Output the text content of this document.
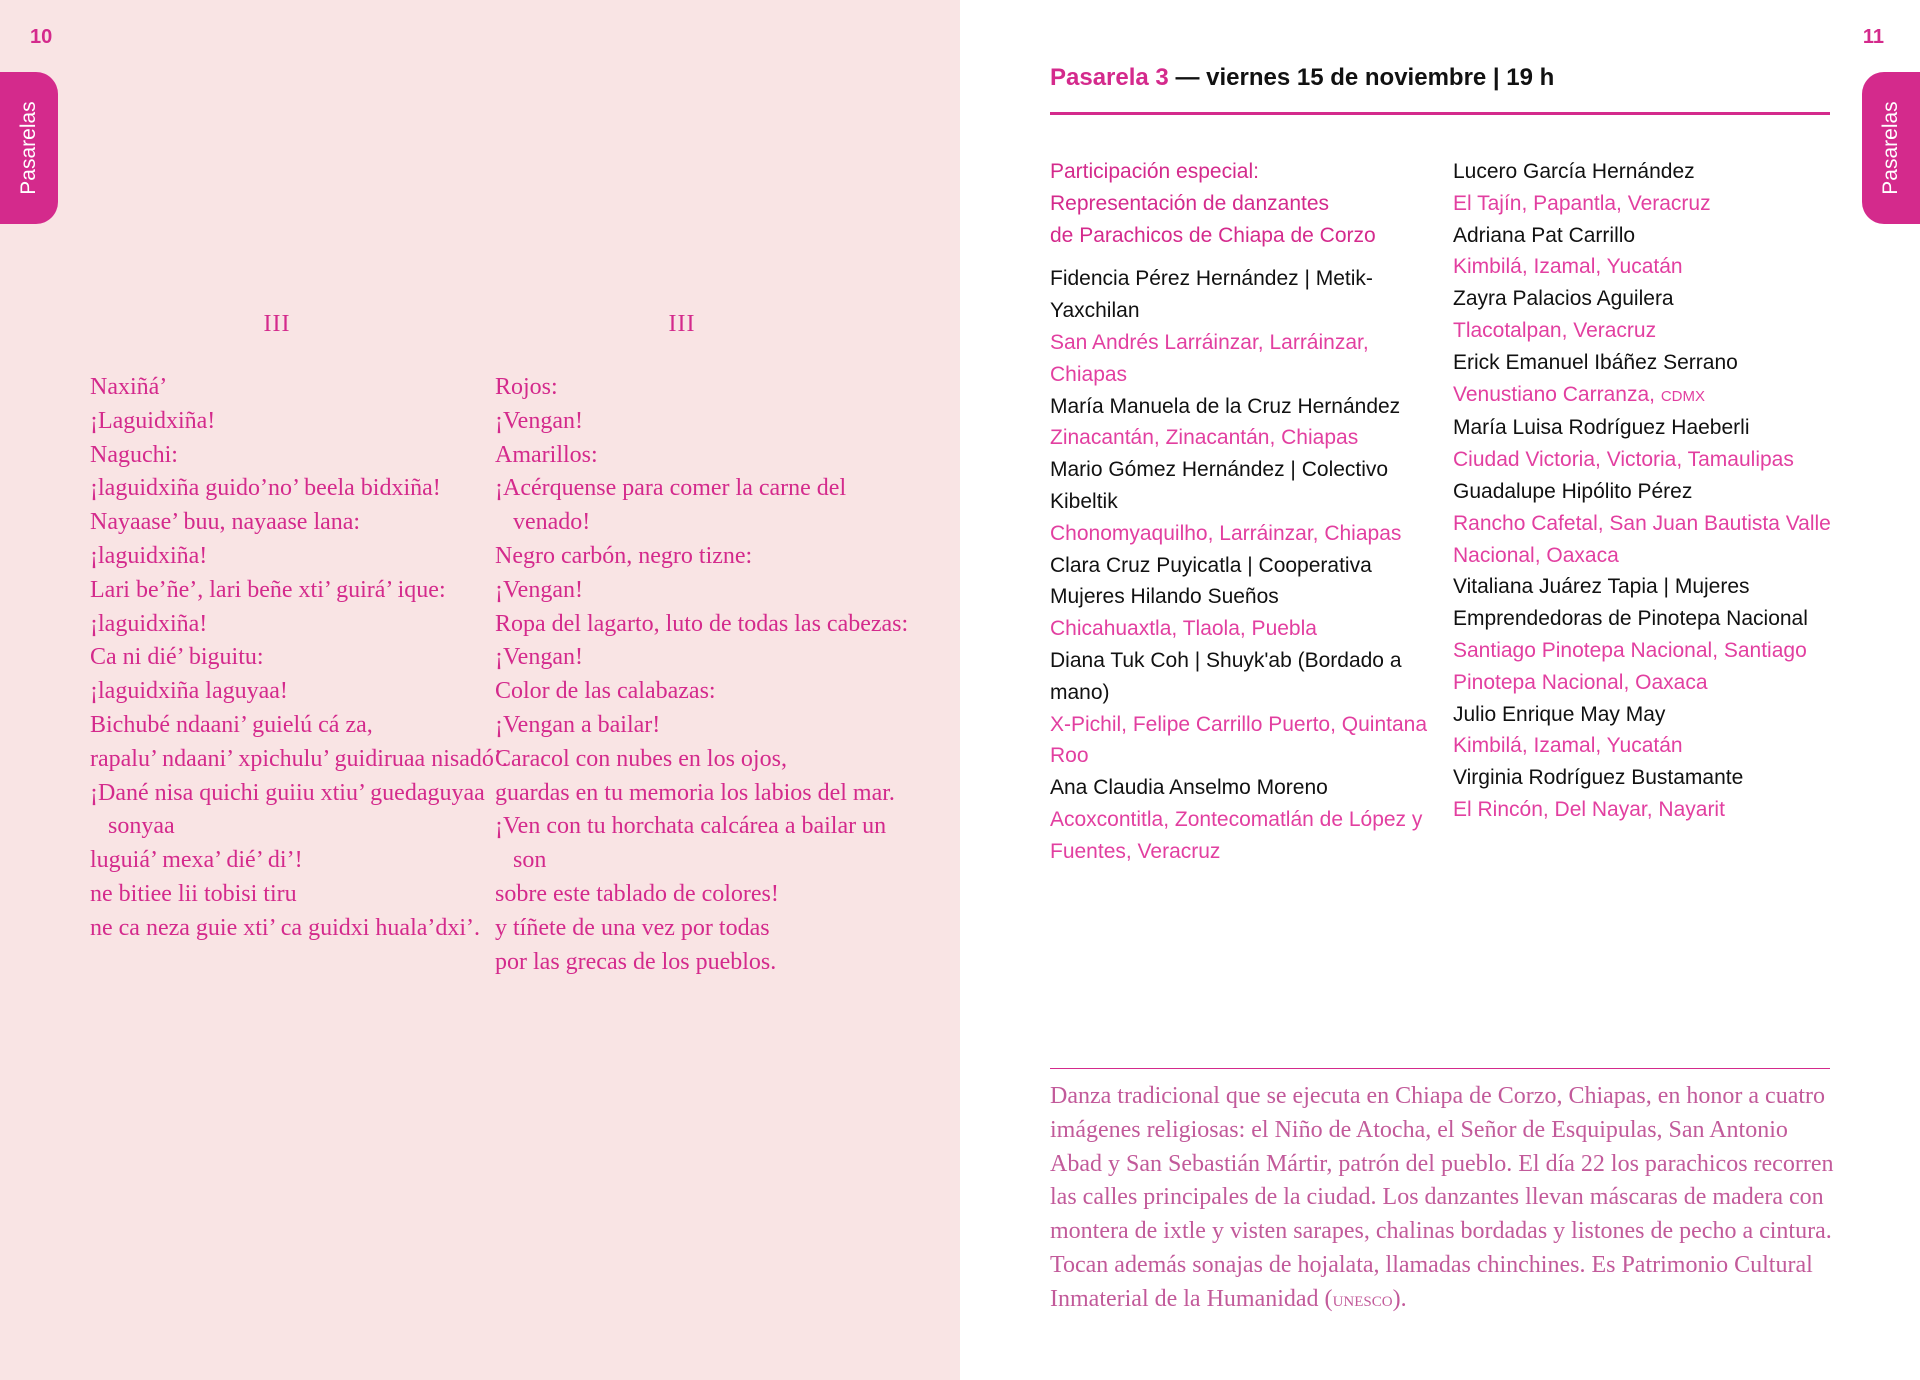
10
Pasarelas
III
Naxiñá’
¡Laguidxiña!
Naguchi:
¡laguidxiña guido’no’ beela bidxiña!
Nayaase’ buu, nayaase lana:
¡laguidxiña!
Lari be’ñe’, lari beñe xti’ guirá’ ique:
¡laguidxiña!
Ca ni dié’ biguitu:
¡laguidxiña laguyaa!
Bichubé ndaani’ guielú cá za,
rapalu’ ndaani’ xpichulu’ guidiruaa nisadó’.
¡Dané nisa quichi guiiu xtiu’ guedaguyaa sonyaa
luguiá’ mexa’ dié’ di’!
ne bitiee lii tobisi tiru
ne ca neza guie xti’ ca guidxi huala’dxi’.
III
Rojos:
¡Vengan!
Amarillos:
¡Acérquense para comer la carne del venado!
Negro carbón, negro tizne:
¡Vengan!
Ropa del lagarto, luto de todas las cabezas:
¡Vengan!
Color de las calabazas:
¡Vengan a bailar!
Caracol con nubes en los ojos,
guardas en tu memoria los labios del mar.
¡Ven con tu horchata calcárea a bailar un son
sobre este tablado de colores!
y tíñete de una vez por todas
por las grecas de los pueblos.
11
Pasarelas
Pasarela 3 — viernes 15 de noviembre | 19 h
Participación especial:
Representación de danzantes
de Parachicos de Chiapa de Corzo
Fidencia Pérez Hernández | Metik-Yaxchilan
San Andrés Larráinzar, Larráinzar, Chiapas
María Manuela de la Cruz Hernández
Zinacantán, Zinacantán, Chiapas
Mario Gómez Hernández | Colectivo Kibeltik
Chonomyaquilho, Larráinzar, Chiapas
Clara Cruz Puyicatla | Cooperativa Mujeres Hilando Sueños
Chicahuaxtla, Tlaola, Puebla
Diana Tuk Coh | Shuyk'ab (Bordado a mano)
X-Pichil, Felipe Carrillo Puerto, Quintana Roo
Ana Claudia Anselmo Moreno
Acoxcontitla, Zontecomatlán de López y Fuentes, Veracruz
Lucero García Hernández
El Tajín, Papantla, Veracruz
Adriana Pat Carrillo
Kimbilá, Izamal, Yucatán
Zayra Palacios Aguilera
Tlacotalpan, Veracruz
Erick Emanuel Ibáñez Serrano
Venustiano Carranza, CDMX
María Luisa Rodríguez Haeberli
Ciudad Victoria, Victoria, Tamaulipas
Guadalupe Hipólito Pérez
Rancho Cafetal, San Juan Bautista Valle Nacional, Oaxaca
Vitaliana Juárez Tapia | Mujeres Emprendedoras de Pinotepa Nacional
Santiago Pinotepa Nacional, Santiago Pinotepa Nacional, Oaxaca
Julio Enrique May May
Kimbilá, Izamal, Yucatán
Virginia Rodríguez Bustamante
El Rincón, Del Nayar, Nayarit
Danza tradicional que se ejecuta en Chiapa de Corzo, Chiapas, en honor a cuatro imágenes religiosas: el Niño de Atocha, el Señor de Esquipulas, San Antonio Abad y San Sebastián Mártir, patrón del pueblo. El día 22 los parachicos recorren las calles principales de la ciudad. Los danzantes llevan máscaras de madera con montera de ixtle y visten sarapes, chalinas bordadas y listones de pecho a cintura. Tocan además sonajas de hojalata, llamadas chinchines. Es Patrimonio Cultural Inmaterial de la Humanidad (UNESCO).
